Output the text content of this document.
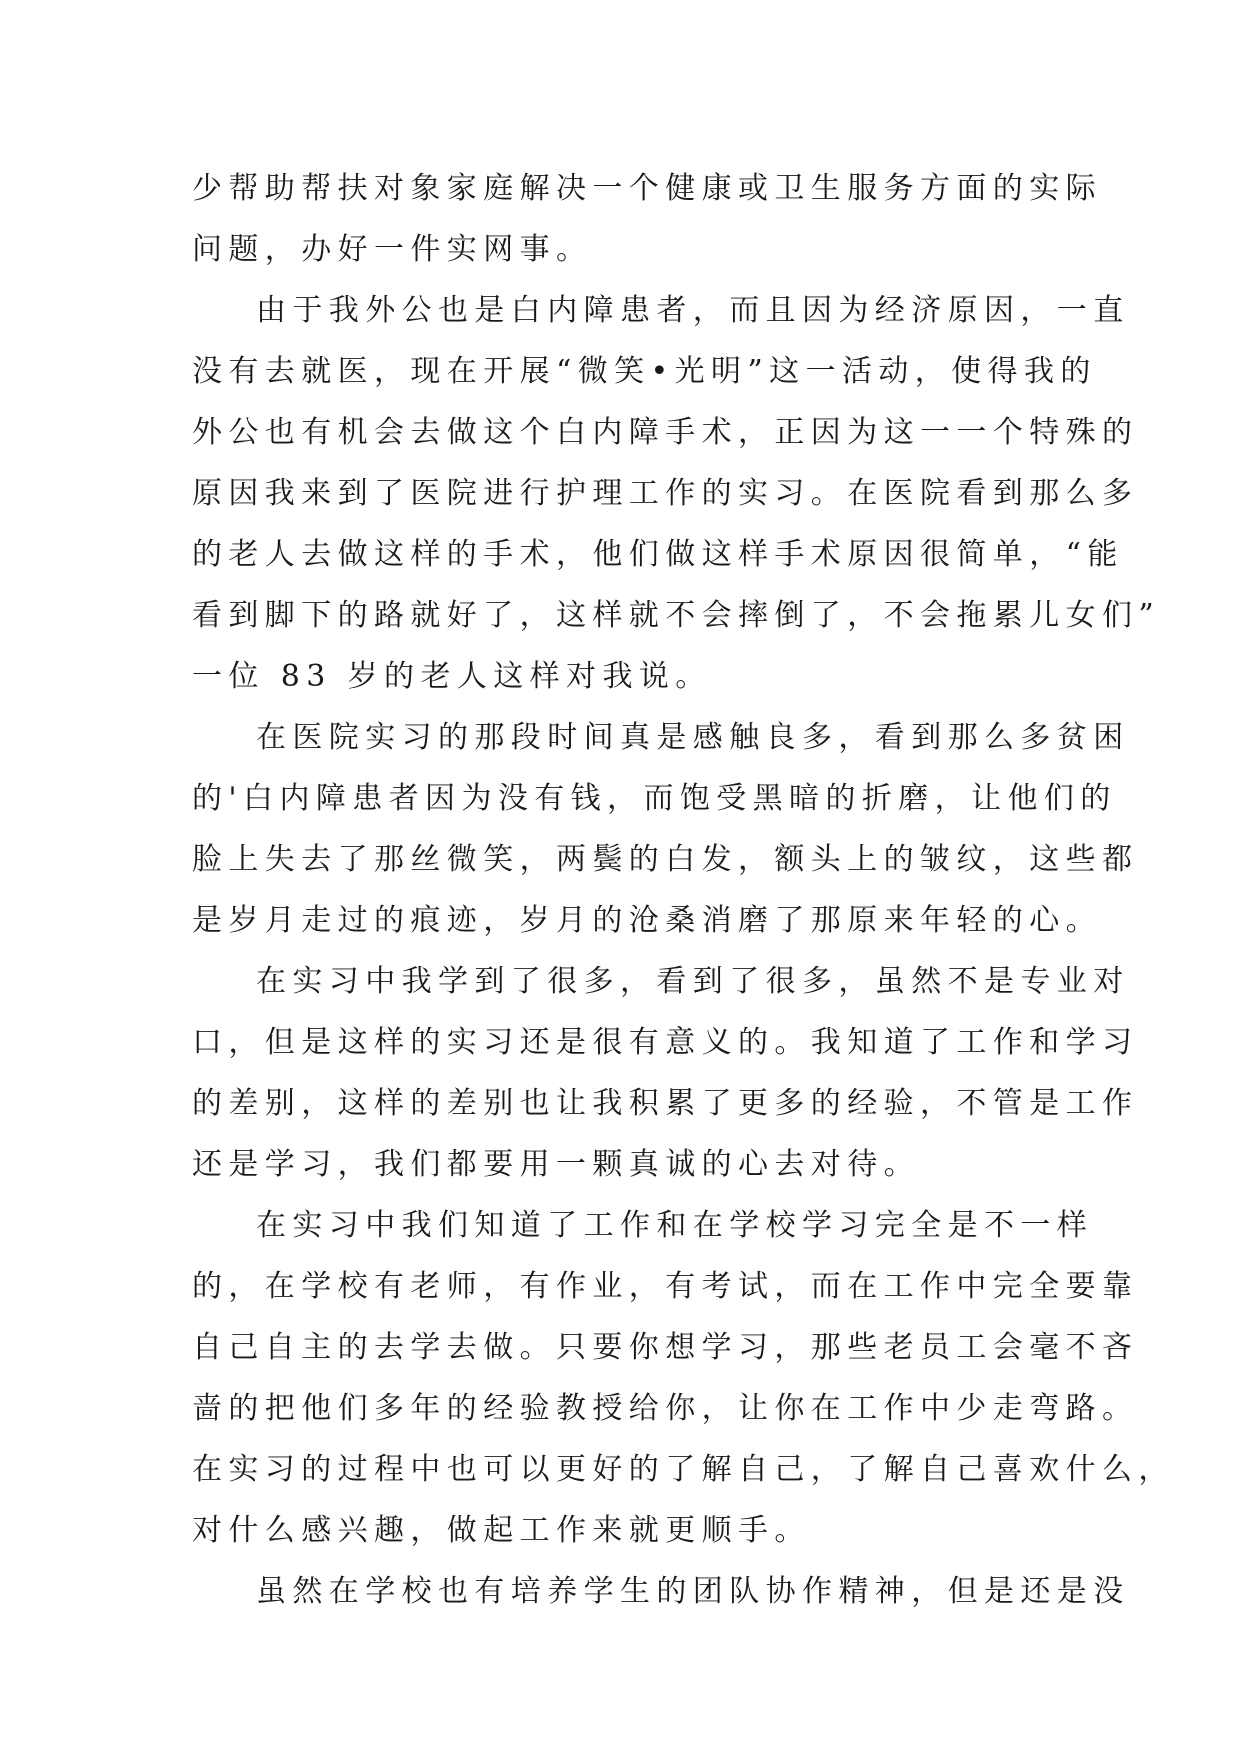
少帮助帮扶对象家庭解决一个健康或卫生服务方面的实际
问题，办好一件实网事。
由于我外公也是白内障患者，而且因为经济原因，一直
没有去就医，现在开展“微笑•光明”这一活动，使得我的
外公也有机会去做这个白内障手术，正因为这一一个特殊的
原因我来到了医院进行护理工作的实习。在医院看到那么多
的老人去做这样的手术，他们做这样手术原因很简单，“能
看到脚下的路就好了，这样就不会摔倒了，不会拖累儿女们”
一位 83 岁的老人这样对我说。
在医院实习的那段时间真是感触良多，看到那么多贫困
的'白内障患者因为没有钱，而饱受黑暗的折磨，让他们的
脸上失去了那丝微笑，两鬓的白发，额头上的皱纹，这些都
是岁月走过的痕迹，岁月的沧桑消磨了那原来年轻的心。
在实习中我学到了很多，看到了很多，虽然不是专业对
口，但是这样的实习还是很有意义的。我知道了工作和学习
的差别，这样的差别也让我积累了更多的经验，不管是工作
还是学习，我们都要用一颗真诚的心去对待。
在实习中我们知道了工作和在学校学习完全是不一样
的，在学校有老师，有作业，有考试，而在工作中完全要靠
自己自主的去学去做。只要你想学习，那些老员工会毫不吝
啬的把他们多年的经验教授给你，让你在工作中少走弯路。
在实习的过程中也可以更好的了解自己，了解自己喜欢什么，
对什么感兴趣，做起工作来就更顺手。
虽然在学校也有培养学生的团队协作精神，但是还是没
